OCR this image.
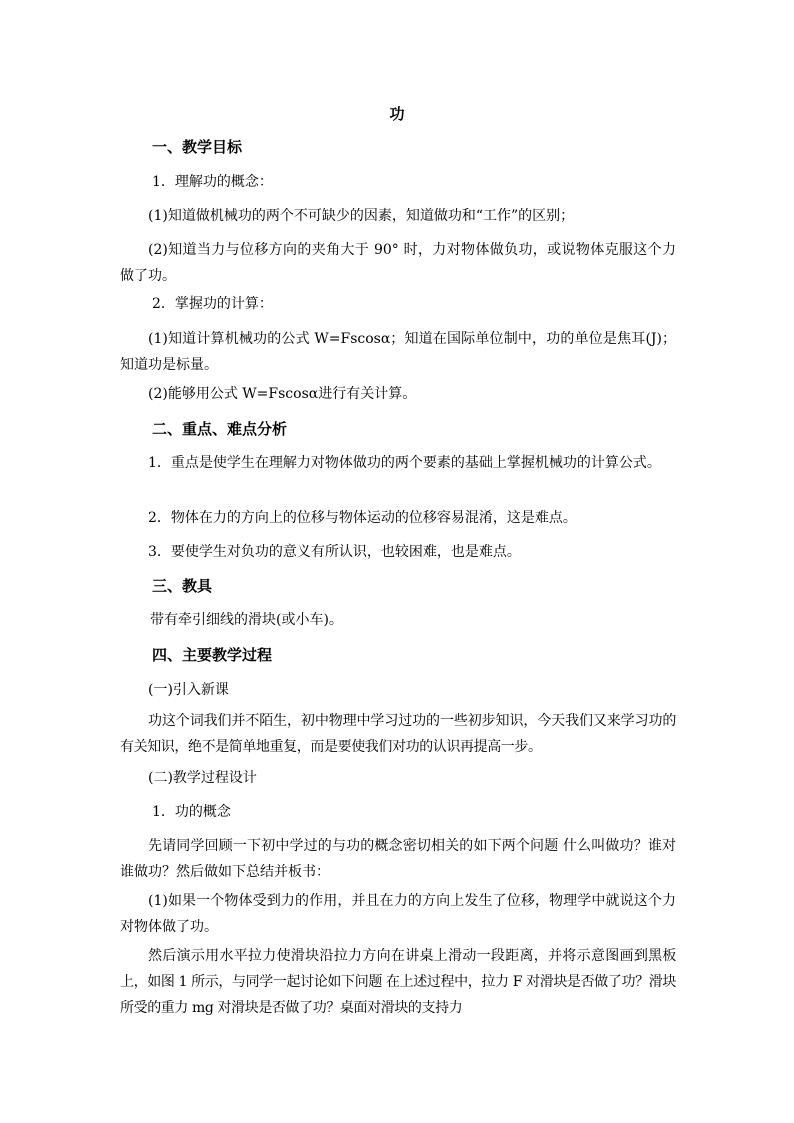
功
一、教学目标
1．理解功的概念：
(1)知道做机械功的两个不可缺少的因素，知道做功和“工作”的区别；

(2)知道当力与位移方向的夹角大于 90° 时，力对物体做负功，或说物体克服这个力做了功。

2．掌握功的计算：

(1)知道计算机械功的公式 W=Fscosα；知道在国际单位制中，功的单位是焦耳(J)；知道功是标量。

(2)能够用公式 W=Fscosα进行有关计算。
二、重点、难点分析

1．重点是使学生在理解力对物体做功的两个要素的基础上掌握机械功的计算公式。

2．物体在力的方向上的位移与物体运动的位移容易混淆，这是难点。
3．要使学生对负功的意义有所认识，也较困难，也是难点。
三、教具
带有牵引细线的滑块(或小车)。
四、主要教学过程
(一)引入新课

功这个词我们并不陌生，初中物理中学习过功的一些初步知识，今天我们又来学习功的有关知识，绝不是简单地重复，而是要使我们对功的认识再提高一步。

(二)教学过程设计
1．功的概念

先请同学回顾一下初中学过的与功的概念密切相关的如下两个问题 什么叫做功？谁对谁做功？然后做如下总结并板书：

(1)如果一个物体受到力的作用，并且在力的方向上发生了位移，物理学中就说这个力对物体做了功。

然后演示用水平拉力使滑块沿拉力方向在讲桌上滑动一段距离，并将示意图画到黑板上，如图 1 所示，与同学一起讨论如下问题 在上述过程中，拉力 F 对滑块是否做了功？滑块所受的重力 mg 对滑块是否做了功？桌面对滑块的支持力
